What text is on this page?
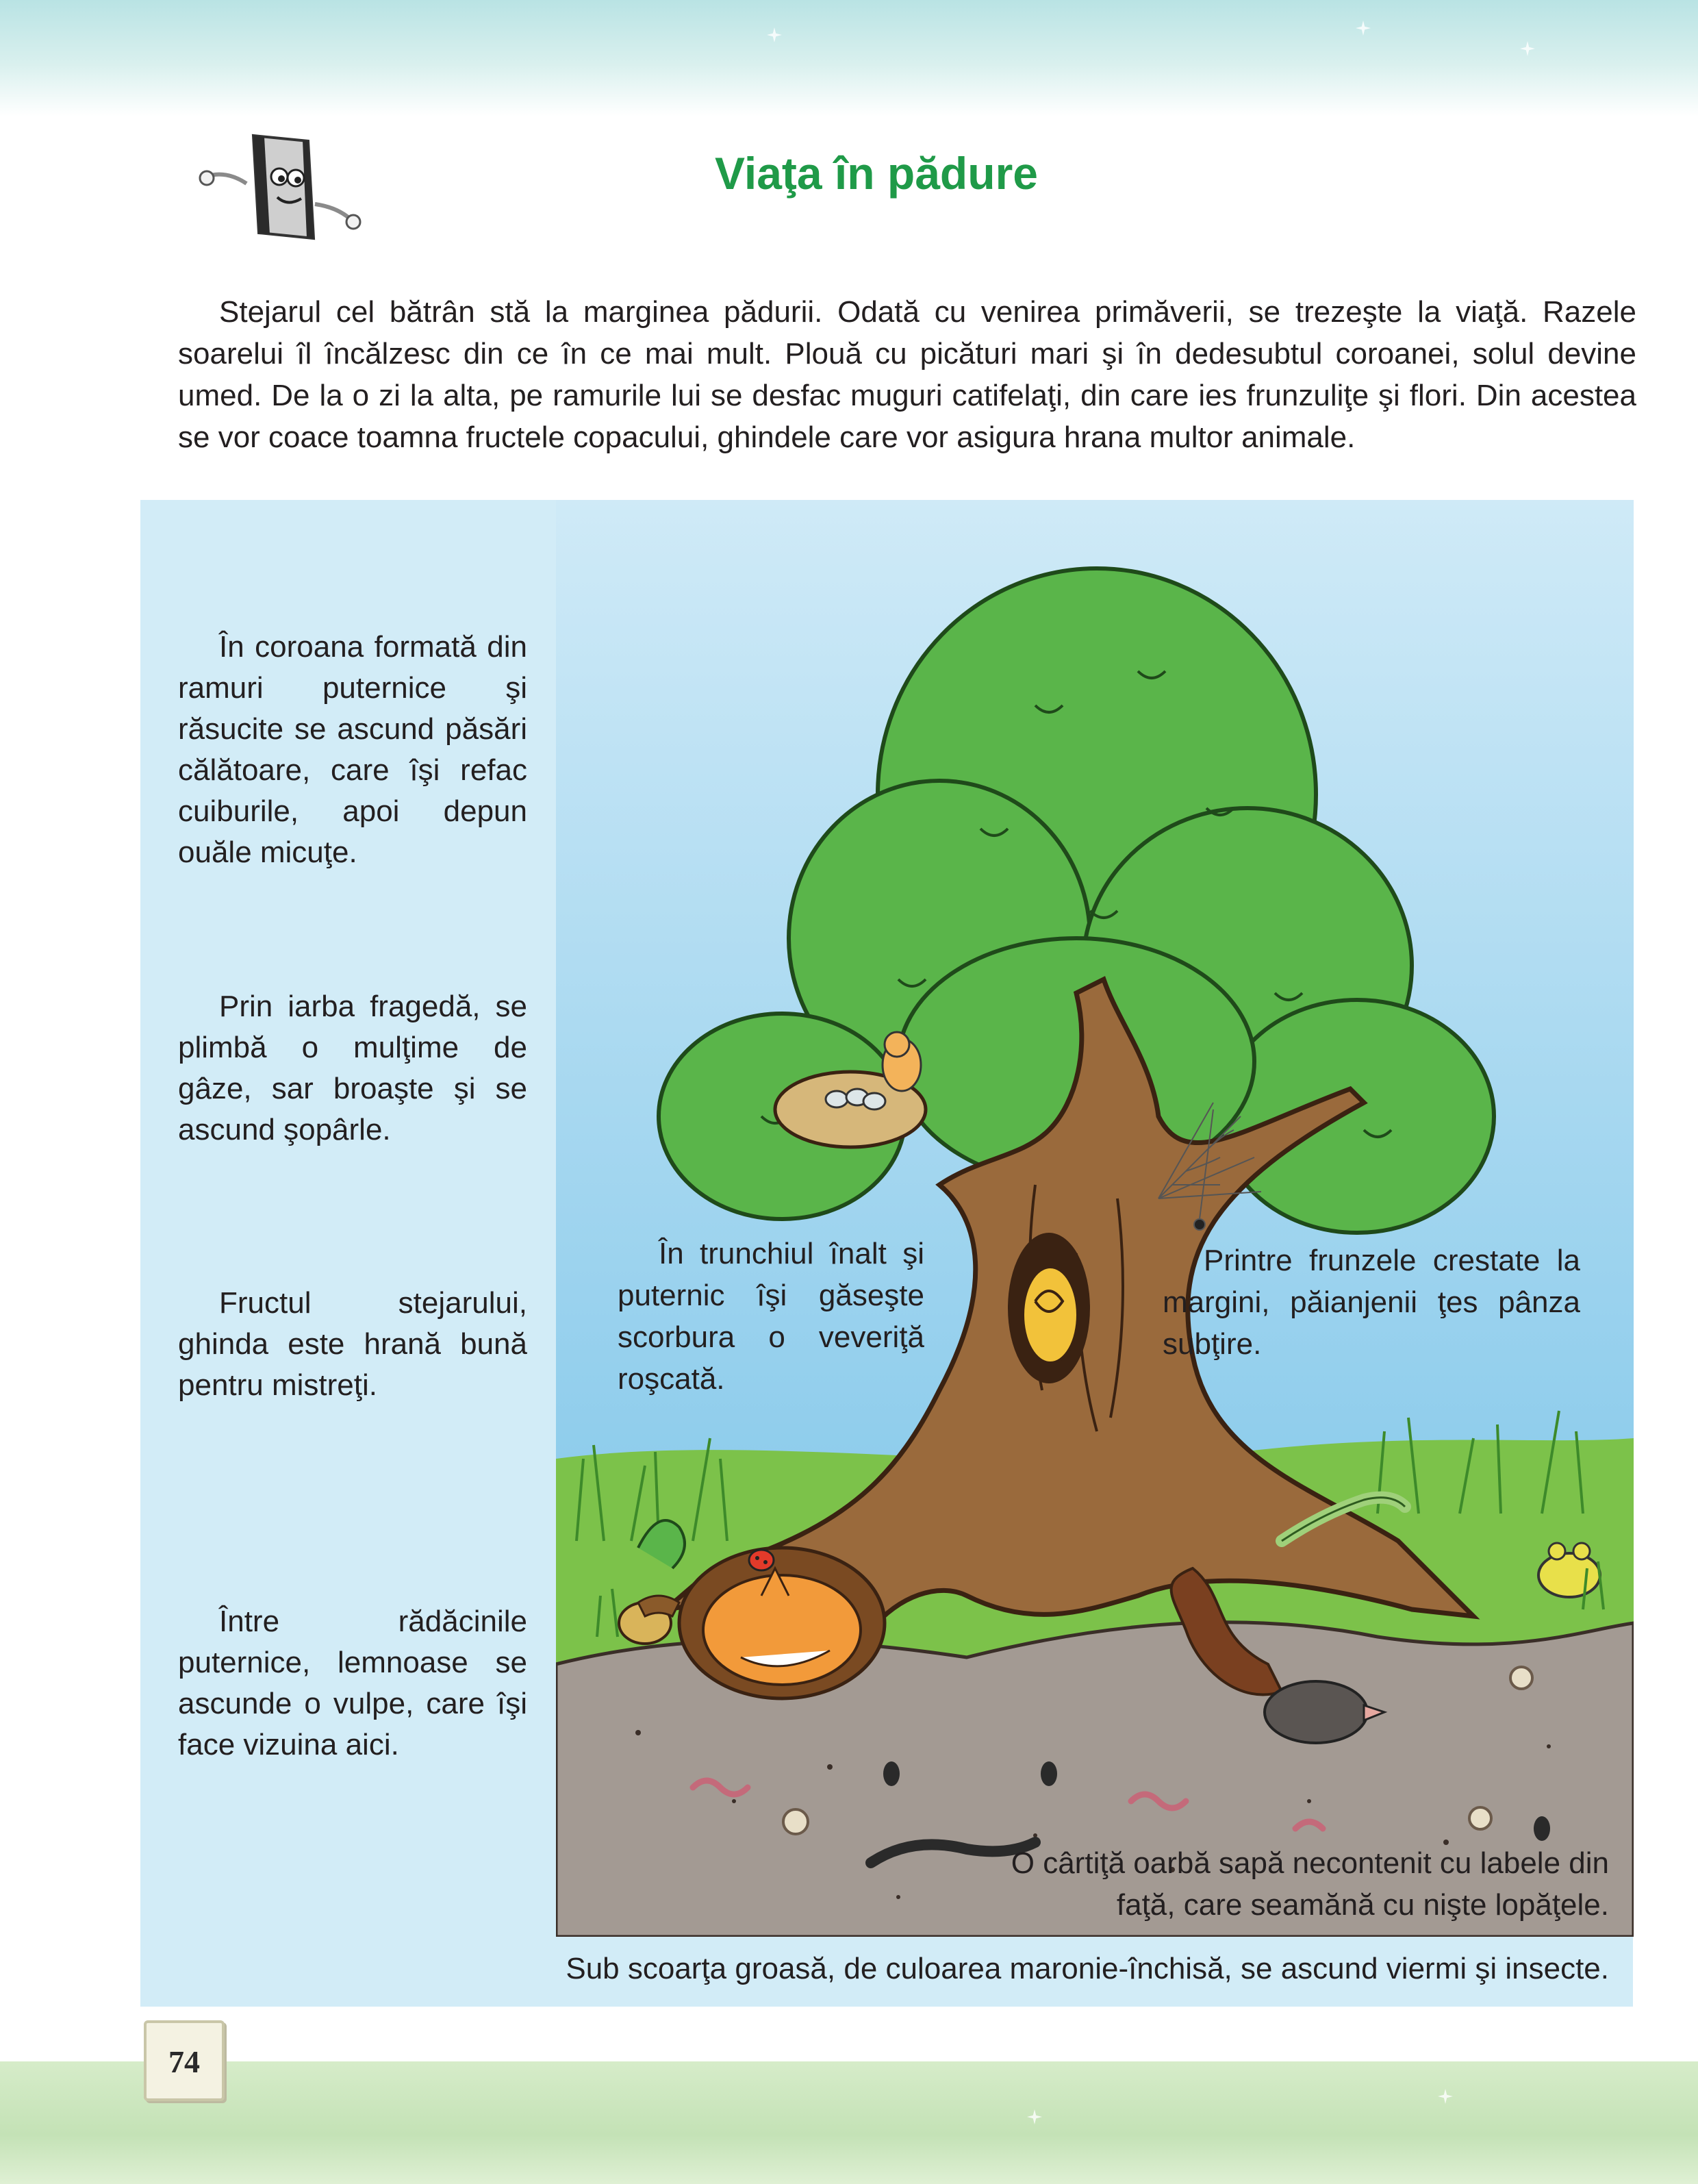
Viaţa în pădure

Stejarul cel bătrân stă la marginea pădurii. Odată cu venirea primăverii, se trezeşte la viaţă. Razele soarelui îl încălzesc din ce în ce mai mult. Plouă cu picături mari şi în dedesubtul coroanei, solul devine umed. De la o zi la alta, pe ramurile lui se desfac muguri catifelaţi, din care ies frunzuliţe şi flori. Din acestea se vor coace toamna fructele copacului, ghindele care vor asigura hrana multor animale.

În coroana formată din ramuri puternice şi răsucite se ascund păsări călătoare, care îşi refac cuiburile, apoi depun ouăle micuţe.

Prin iarba fragedă, se plimbă o mulţime de gâze, sar broaşte şi se ascund şopârle.

Fructul stejarului, ghinda este hrană bună pentru mistreţi.

Între rădăcinile puternice, lemnoase se ascunde o vulpe, care îşi face vizuina aici.

În trunchiul înalt şi puternic îşi găseşte scorbura o veveriţă roşcată.

Printre frunzele crestate la margini, păianjenii ţes pânza subţire.

O cârtiţă oarbă sapă necontenit cu labele din faţă, care seamănă cu nişte lopăţele.

Sub scoarţa groasă, de culoarea maronie-închisă, se ascund viermi şi insecte.

74
